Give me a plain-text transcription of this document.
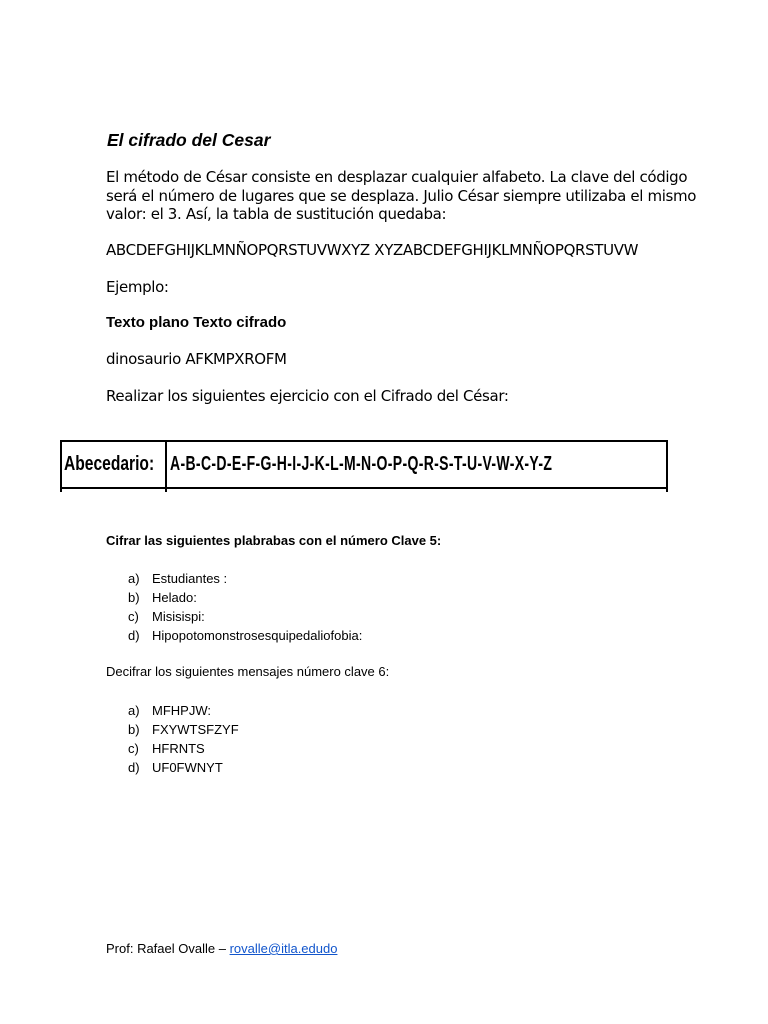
El cifrado del Cesar
El método de César consiste en desplazar cualquier alfabeto. La clave del código será el número de lugares que se desplaza. Julio César siempre utilizaba el mismo valor: el 3. Así, la tabla de sustitución quedaba:
ABCDEFGHIJKLMNÑOPQRSTUVWXYZ XYZABCDEFGHIJKLMNÑOPQRSTUVW
Ejemplo:
Texto plano Texto cifrado
dinosaurio AFKMPXROFM
Realizar los siguientes ejercicio con el Cifrado del César:
Abecedario: A-B-C-D-E-F-G-H-I-J-K-L-M-N-O-P-Q-R-S-T-U-V-W-X-Y-Z
Cifrar las siguientes plabrabas con el número Clave 5:
a) Estudiantes :
b) Helado:
c) Misisispi:
d) Hipopotomonstrosesquipedaliofobia:
Decifrar los siguientes mensajes número clave 6:
a) MFHPJW:
b) FXYWTSFZYF
c) HFRNTS
d) UF0FWNYT
Prof: Rafael Ovalle – rovalle@itla.edudo
